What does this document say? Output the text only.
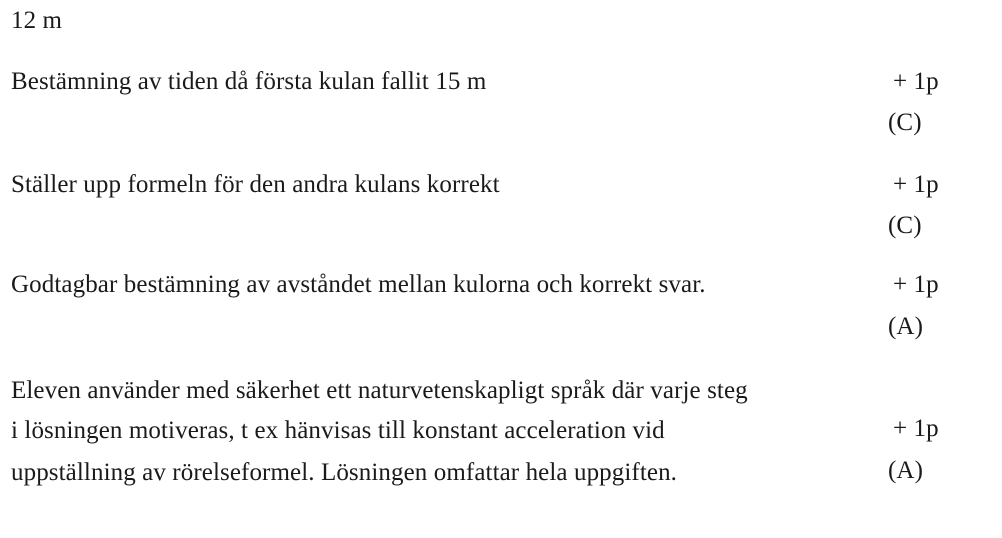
12 m
Bestämning av tiden då första kulan fallit 15 m	+ 1p
(C)
Ställer upp formeln för den andra kulans korrekt	+ 1p
(C)
Godtagbar bestämning av avståndet mellan kulorna och korrekt svar.	+ 1p
(A)
Eleven använder med säkerhet ett naturvetenskapligt språk där varje steg
i lösningen motiveras, t ex hänvisas till konstant acceleration vid
uppställning av rörelseformel. Lösningen omfattar hela uppgiften.
+ 1p
(A)
